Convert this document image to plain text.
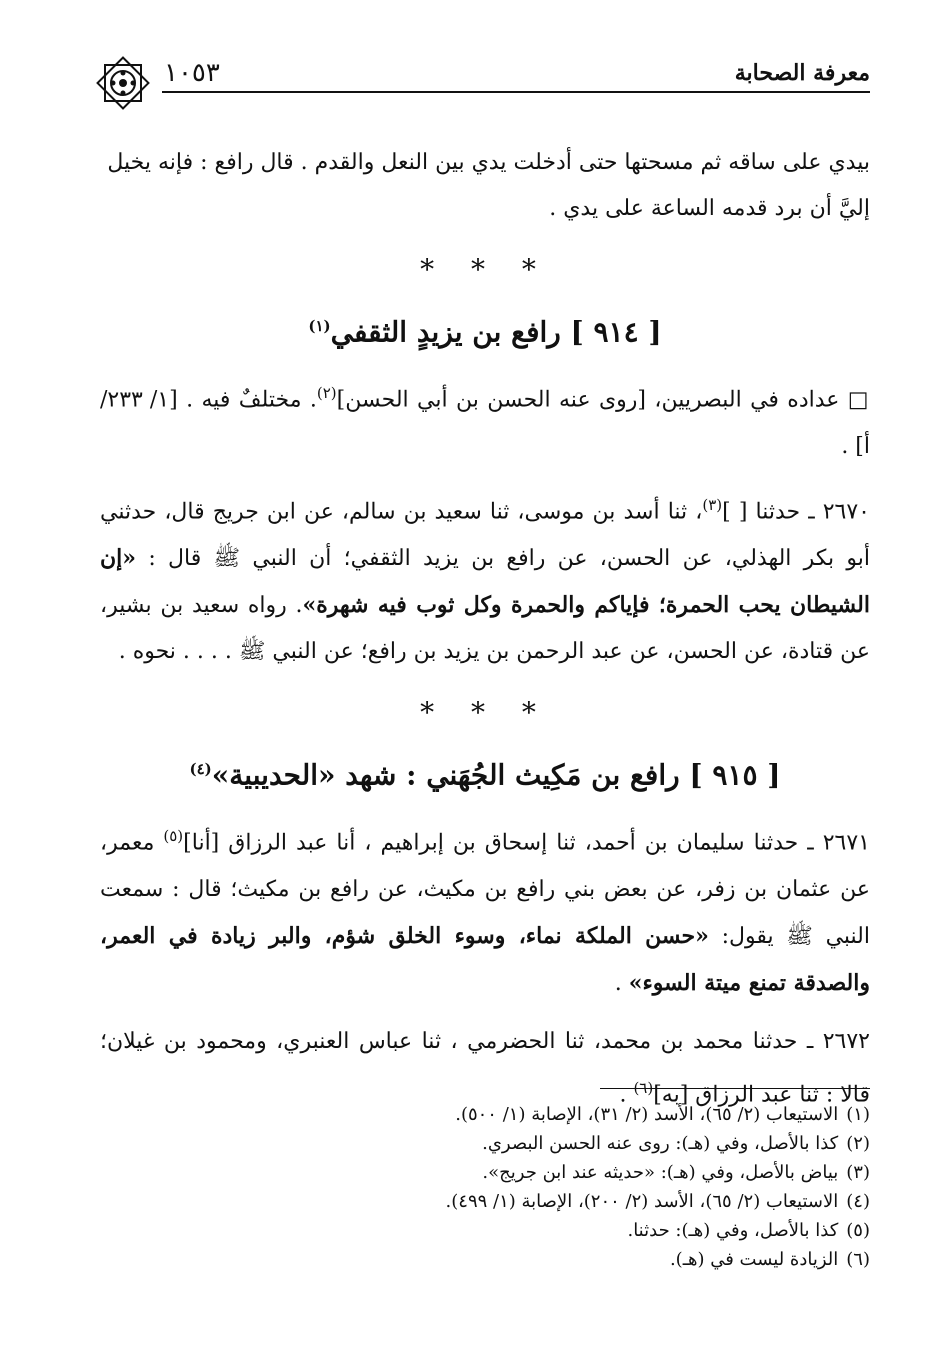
١٠٥٣	معرفة الصحابة

بيدي على ساقه ثم مسحتها حتى أدخلت يدي بين النعل والقدم . قال رافع : فإنه يخيل

إليَّ أن برد قدمه الساعة على يدي .

* * *
[ ٩١٤ ] رافع بن يزيدٍ الثقفي$^{(١)}$

□ عداده في البصريين، [روى عنه الحسن بن أبي الحسن]$^{(٢)}$. مختلفٌ فيه . [١/ ٢٣٣/ أ] .

٢٦٧٠ ـ حدثنا [ ]$^{(٣)}$، ثنا أسد بن موسى، ثنا سعيد بن سالم، عن ابن جريج قال، حدثني أبو بكر الهذلي، عن الحسن، عن رافع بن يزيد الثقفي؛ أن النبي ﷺ قال : «إن الشيطان يحب الحمرة؛ فإياكم والحمرة وكل ثوب فيه شهرة». رواه سعيد بن بشير، عن قتادة، عن الحسن، عن عبد الرحمن بن يزيد بن رافع؛ عن النبي ﷺ . . . . نحوه .

* * *
[ ٩١٥ ] رافع بن مَكِيث الجُهَني : شهد «الحديبية»$^{(٤)}$

٢٦٧١ ـ حدثنا سليمان بن أحمد، ثنا إسحاق بن إبراهيم ، أنا عبد الرزاق [أنا]$^{(٥)}$ معمر، عن عثمان بن زفر، عن بعض بني رافع بن مكيث، عن رافع بن مكيث؛ قال : سمعت النبي ﷺ يقول: «حسن الملكة نماء، وسوء الخلق شؤم، والبر زيادة في العمر، والصدقة تمنع ميتة السوء» .

٢٦٧٢ ـ حدثنا محمد بن محمد، ثنا الحضرمي ، ثنا عباس العنبري، ومحمود بن غيلان؛ قالا : ثنا عبد الرزاق [به]$^{(٦)}$ .

(١)الاستيعاب (٢/ ٦٥)، الأسد (٢/ ٣١)، الإصابة (١/ ٥٠٠).

(٢)كذا بالأصل، وفي (هـ): روى عنه الحسن البصري.

(٣)بياض بالأصل، وفي (هـ): «حديثه عند ابن جريج».

(٤)الاستيعاب (٢/ ٦٥)، الأسد (٢/ ٢٠٠)، الإصابة (١/ ٤٩٩).

(٥)كذا بالأصل، وفي (هـ): حدثنا.

(٦)الزيادة ليست في (هـ).
